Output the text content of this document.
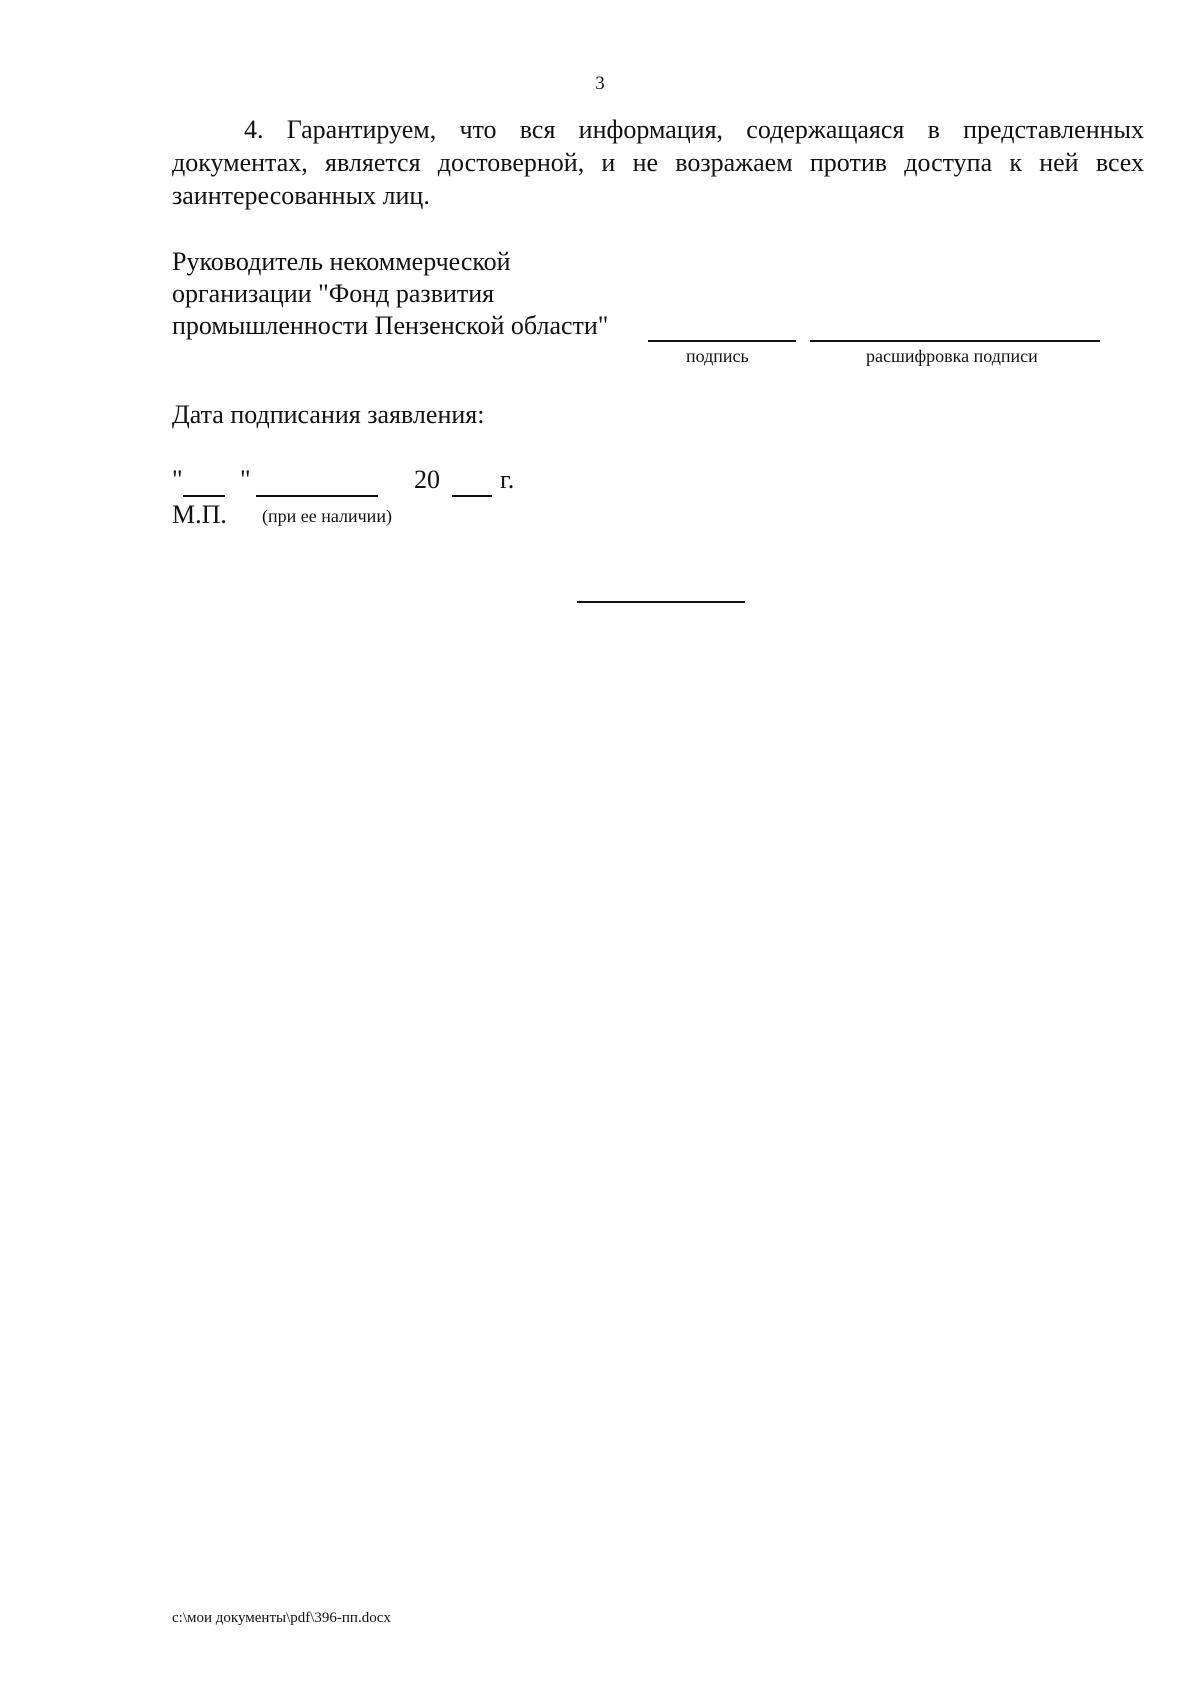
3

4. Гарантируем, что вся информация, содержащаяся в представленных документах, является достоверной, и не возражаем против доступа к ней всех заинтересованных лиц.

Руководитель некоммерческой
организации "Фонд развития
промышленности Пензенской области"
подпись	расшифровка подписи
Дата подписания заявления:
" "	20 г.
М.П. (при ее наличии)
c:\мои документы\pdf\396-пп.docx
